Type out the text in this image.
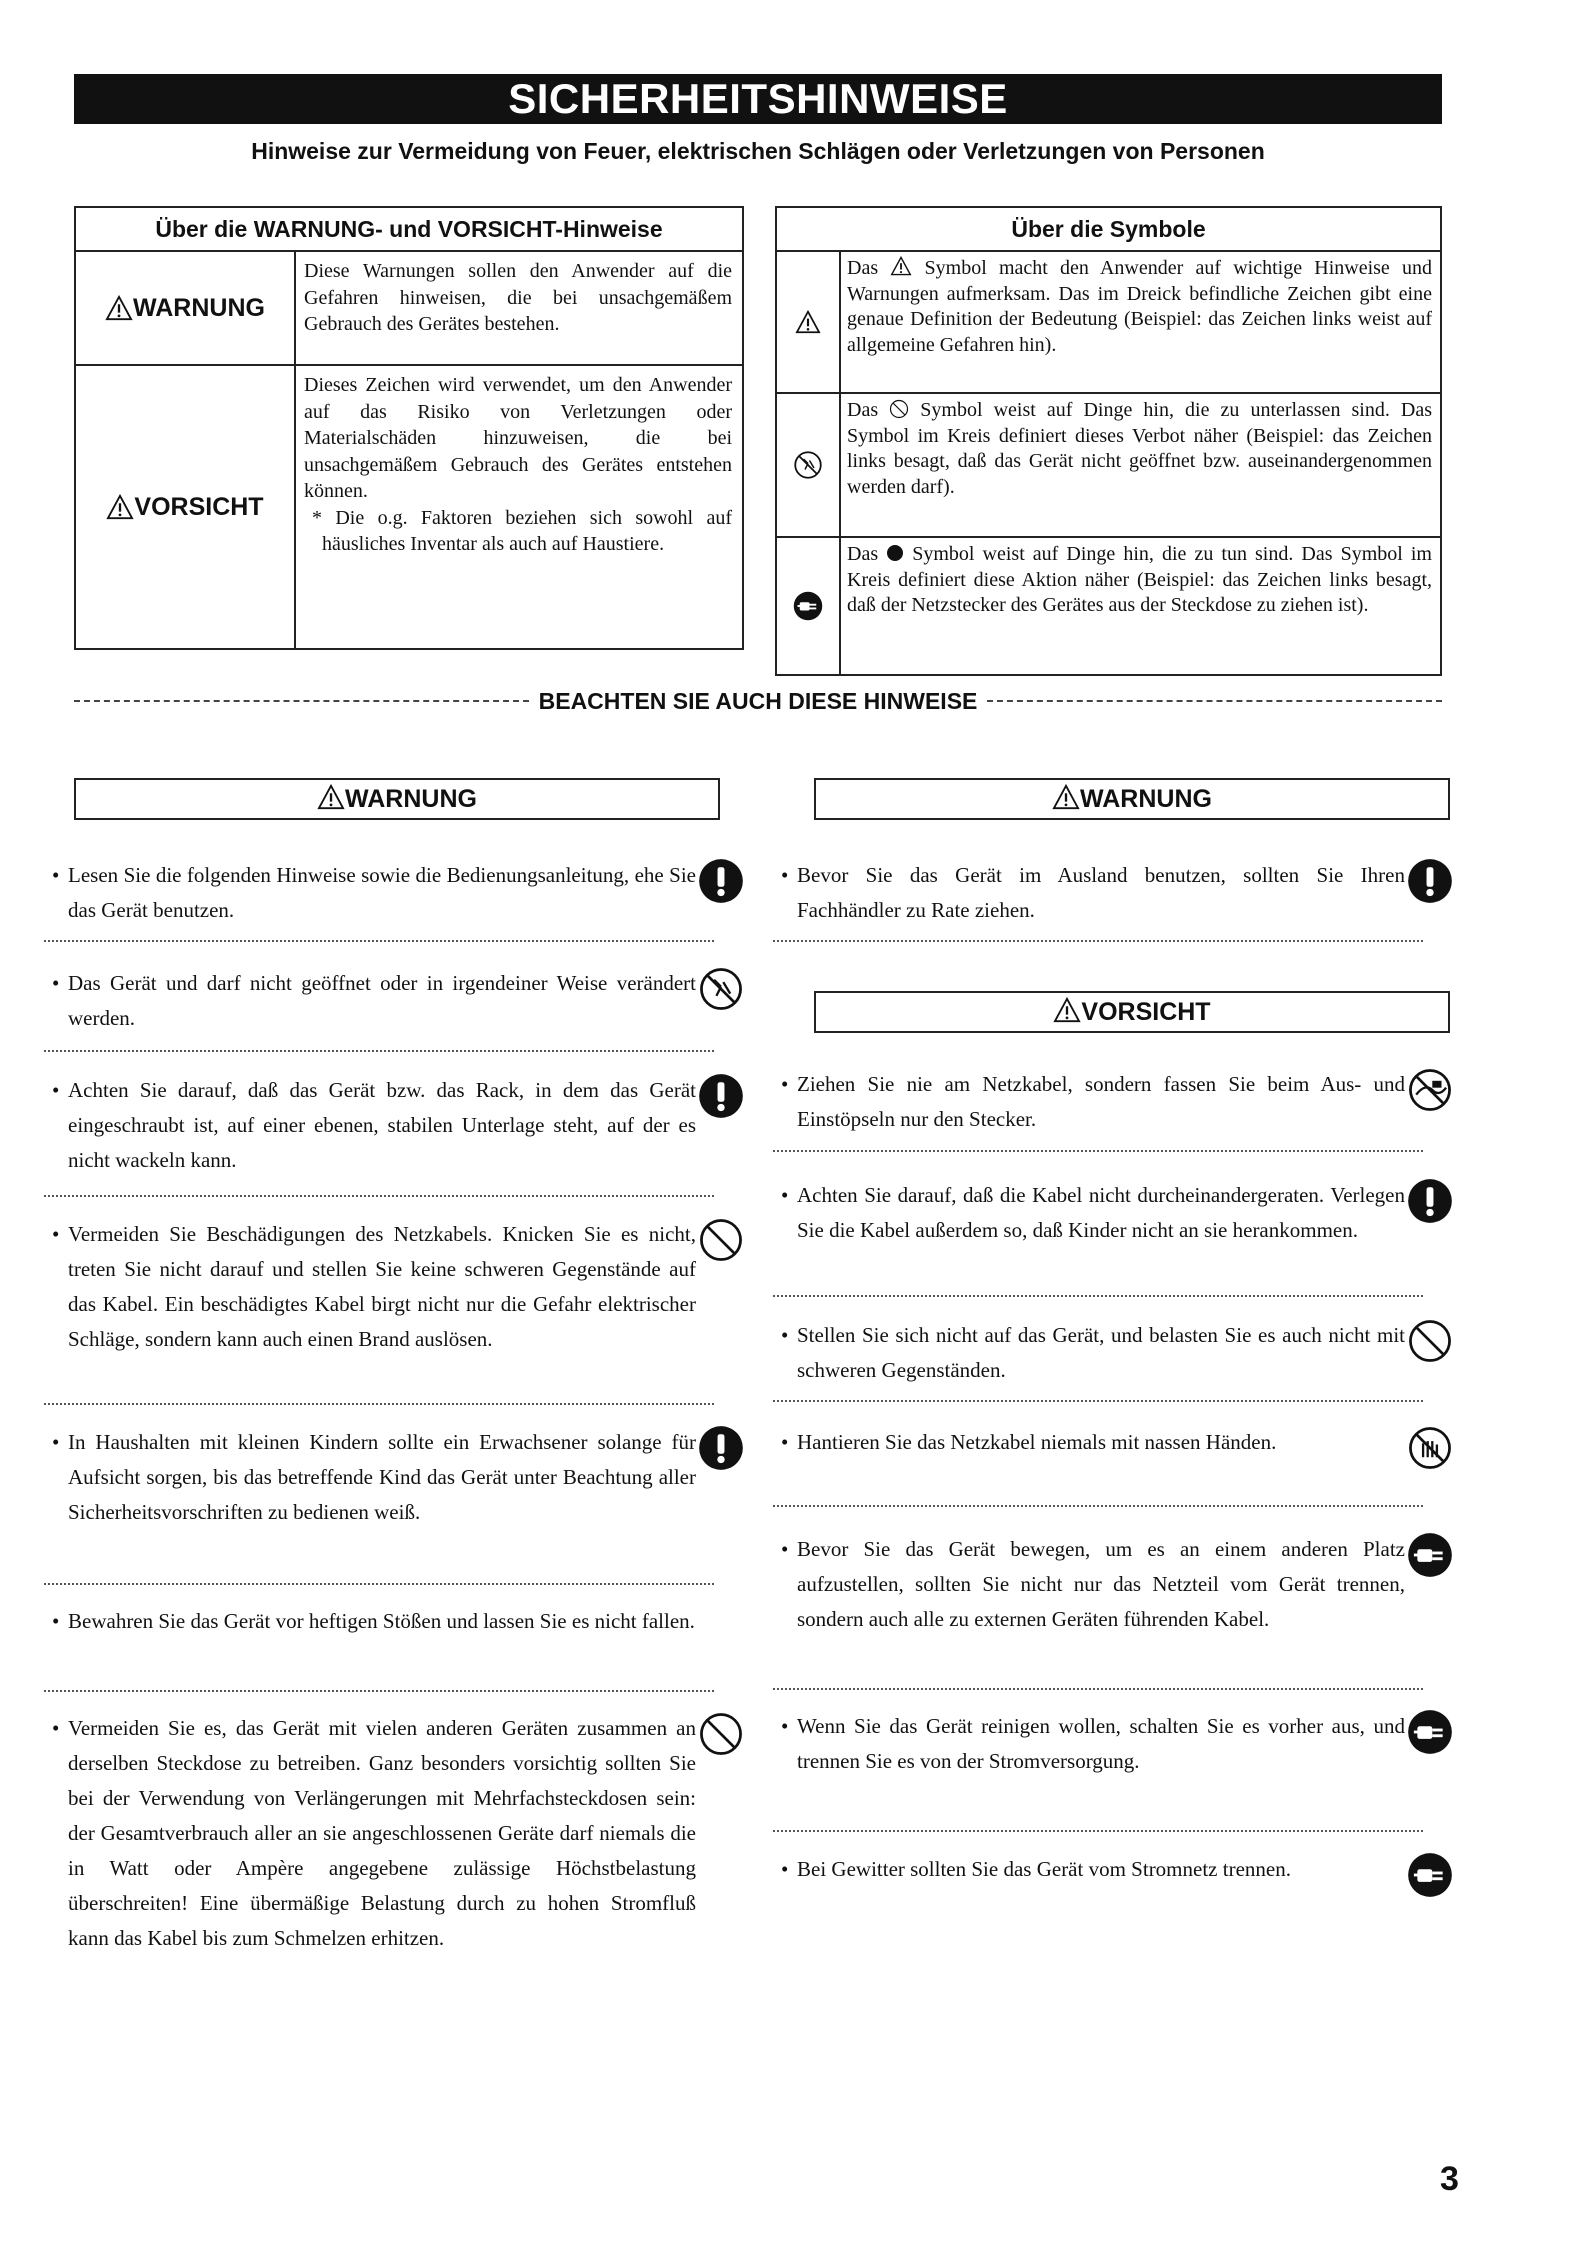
SICHERHEITSHINWEISE
Hinweise zur Vermeidung von Feuer, elektrischen Schlägen oder Verletzungen von Personen
Über die WARNUNG- und VORSICHT-Hinweise
WARNUNG
Diese Warnungen sollen den Anwender auf die Gefahren hinweisen, die bei unsachgemäßem Gebrauch des Gerätes bestehen.
VORSICHT
Dieses Zeichen wird verwendet, um den Anwender auf das Risiko von Verletzungen oder Materialschäden hinzuweisen, die bei unsachgemäßem Gebrauch des Gerätes entstehen können.
* Die o.g. Faktoren beziehen sich sowohl auf häusliches Inventar als auch auf Haustiere.
Über die Symbole
Das Symbol macht den Anwender auf wichtige Hinweise und Warnungen aufmerksam. Das im Dreick befindliche Zeichen gibt eine genaue Definition der Bedeutung (Beispiel: das Zeichen links weist auf allgemeine Gefahren hin).
Das Symbol weist auf Dinge hin, die zu unterlassen sind. Das Symbol im Kreis definiert dieses Verbot näher (Beispiel: das Zeichen links besagt, daß das Gerät nicht geöffnet bzw. auseinandergenommen werden darf).
Das Symbol weist auf Dinge hin, die zu tun sind. Das Symbol im Kreis definiert diese Aktion näher (Beispiel: das Zeichen links besagt, daß der Netzstecker des Gerätes aus der Steckdose zu ziehen ist).
BEACHTEN SIE AUCH DIESE HINWEISE
WARNUNG
• Lesen Sie die folgenden Hinweise sowie die Bedienungsanleitung, ehe Sie das Gerät benutzen.
• Das Gerät und darf nicht geöffnet oder in irgendeiner Weise verändert werden.
• Achten Sie darauf, daß das Gerät bzw. das Rack, in dem das Gerät eingeschraubt ist, auf einer ebenen, stabilen Unterlage steht, auf der es nicht wackeln kann.
• Vermeiden Sie Beschädigungen des Netzkabels. Knicken Sie es nicht, treten Sie nicht darauf und stellen Sie keine schweren Gegenstände auf das Kabel. Ein beschädigtes Kabel birgt nicht nur die Gefahr elektrischer Schläge, sondern kann auch einen Brand auslösen.
• In Haushalten mit kleinen Kindern sollte ein Erwachsener solange für Aufsicht sorgen, bis das betreffende Kind das Gerät unter Beachtung aller Sicherheitsvorschriften zu bedienen weiß.
• Bewahren Sie das Gerät vor heftigen Stößen und lassen Sie es nicht fallen.
• Vermeiden Sie es, das Gerät mit vielen anderen Geräten zusammen an derselben Steckdose zu betreiben. Ganz besonders vorsichtig sollten Sie bei der Verwendung von Verlängerungen mit Mehrfachsteckdosen sein: der Gesamtverbrauch aller an sie angeschlossenen Geräte darf niemals die in Watt oder Ampère angegebene zulässige Höchstbelastung überschreiten! Eine übermäßige Belastung durch zu hohen Stromfluß kann das Kabel bis zum Schmelzen erhitzen.
WARNUNG
VORSICHT
• Bevor Sie das Gerät im Ausland benutzen, sollten Sie Ihren Fachhändler zu Rate ziehen.
• Ziehen Sie nie am Netzkabel, sondern fassen Sie beim Aus- und Einstöpseln nur den Stecker.
• Achten Sie darauf, daß die Kabel nicht durcheinandergeraten. Verlegen Sie die Kabel außerdem so, daß Kinder nicht an sie herankommen.
• Stellen Sie sich nicht auf das Gerät, und belasten Sie es auch nicht mit schweren Gegenständen.
• Hantieren Sie das Netzkabel niemals mit nassen Händen.
• Bevor Sie das Gerät bewegen, um es an einem anderen Platz aufzustellen, sollten Sie nicht nur das Netzteil vom Gerät trennen, sondern auch alle zu externen Geräten führenden Kabel.
• Wenn Sie das Gerät reinigen wollen, schalten Sie es vorher aus, und trennen Sie es von der Stromversorgung.
• Bei Gewitter sollten Sie das Gerät vom Stromnetz trennen.
3
